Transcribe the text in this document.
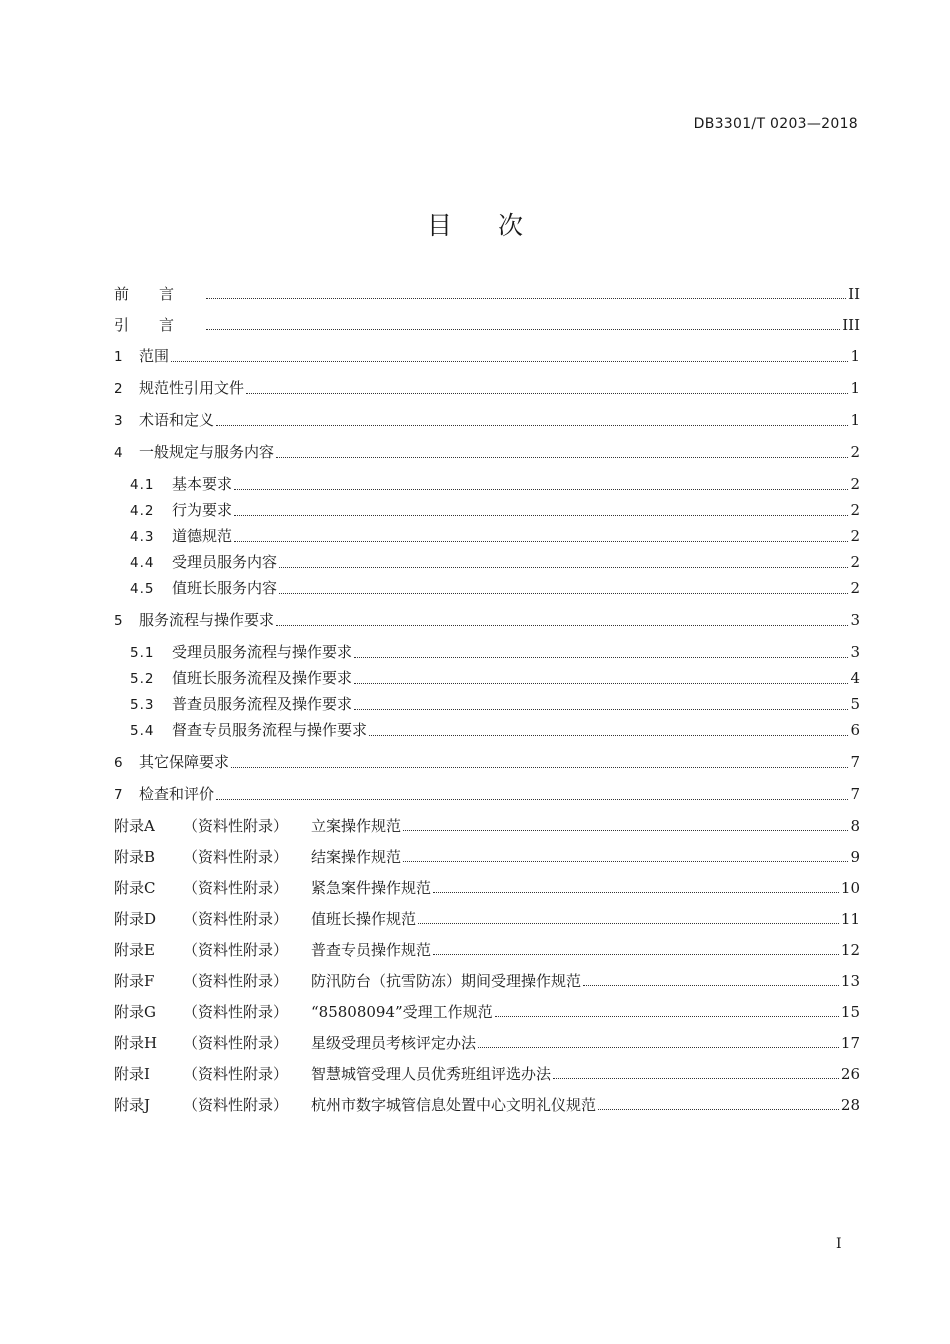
DB3301/T 0203—2018
目次
前言	II
引言	III
1	范围	1
2	规范性引用文件	1
3	术语和定义	1
4	一般规定与服务内容	2
4.1	基本要求	2
4.2	行为要求	2
4.3	道德规范	2
4.4	受理员服务内容	2
4.5	值班长服务内容	2
5	服务流程与操作要求	3
5.1	受理员服务流程与操作要求	3
5.2	值班长服务流程及操作要求	4
5.3	普查员服务流程及操作要求	5
5.4	督查专员服务流程与操作要求	6
6	其它保障要求	7
7	检查和评价	7
附录A	（资料性附录）	立案操作规范	8
附录B	（资料性附录）	结案操作规范	9
附录C	（资料性附录）	紧急案件操作规范	10
附录D	（资料性附录）	值班长操作规范	11
附录E	（资料性附录）	普查专员操作规范	12
附录F	（资料性附录）	防汛防台（抗雪防冻）期间受理操作规范	13
附录G	（资料性附录）	“85808094”受理工作规范	15
附录H	（资料性附录）	星级受理员考核评定办法	17
附录I	（资料性附录）	智慧城管受理人员优秀班组评选办法	26
附录J	（资料性附录）	杭州市数字城管信息处置中心文明礼仪规范	28
I
